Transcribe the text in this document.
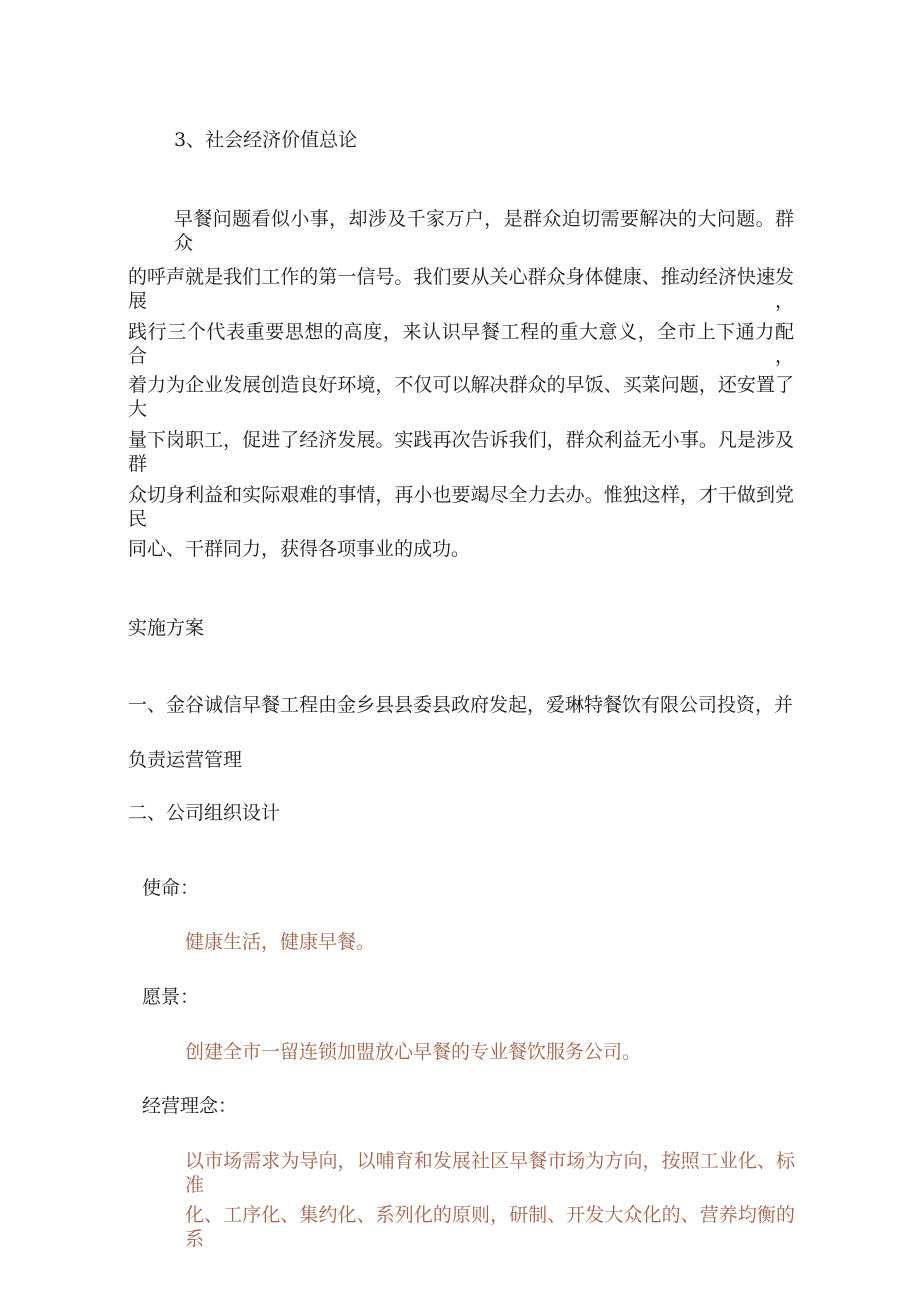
3、社会经济价值总论
早餐问题看似小事，却涉及千家万户，是群众迫切需要解决的大问题。群众
的呼声就是我们工作的第一信号。我们要从关心群众身体健康、推动经济快速发展，
践行三个代表重要思想的高度，来认识早餐工程的重大意义，全市上下通力配合，
着力为企业发展创造良好环境，不仅可以解决群众的早饭、买菜问题，还安置了大
量下岗职工，促进了经济发展。实践再次告诉我们，群众利益无小事。凡是涉及群
众切身利益和实际艰难的事情，再小也要竭尽全力去办。惟独这样，才干做到党民
同心、干群同力，获得各项事业的成功。
实施方案
一、金谷诚信早餐工程由金乡县县委县政府发起，爱琳特餐饮有限公司投资，并
负责运营管理
二、公司组织设计
使命：
健康生活，健康早餐。
愿景：
创建全市一留连锁加盟放心早餐的专业餐饮服务公司。
经营理念：
以市场需求为导向，以哺育和发展社区早餐市场为方向，按照工业化、标准
化、工序化、集约化、系列化的原则，研制、开发大众化的、营养均衡的系
